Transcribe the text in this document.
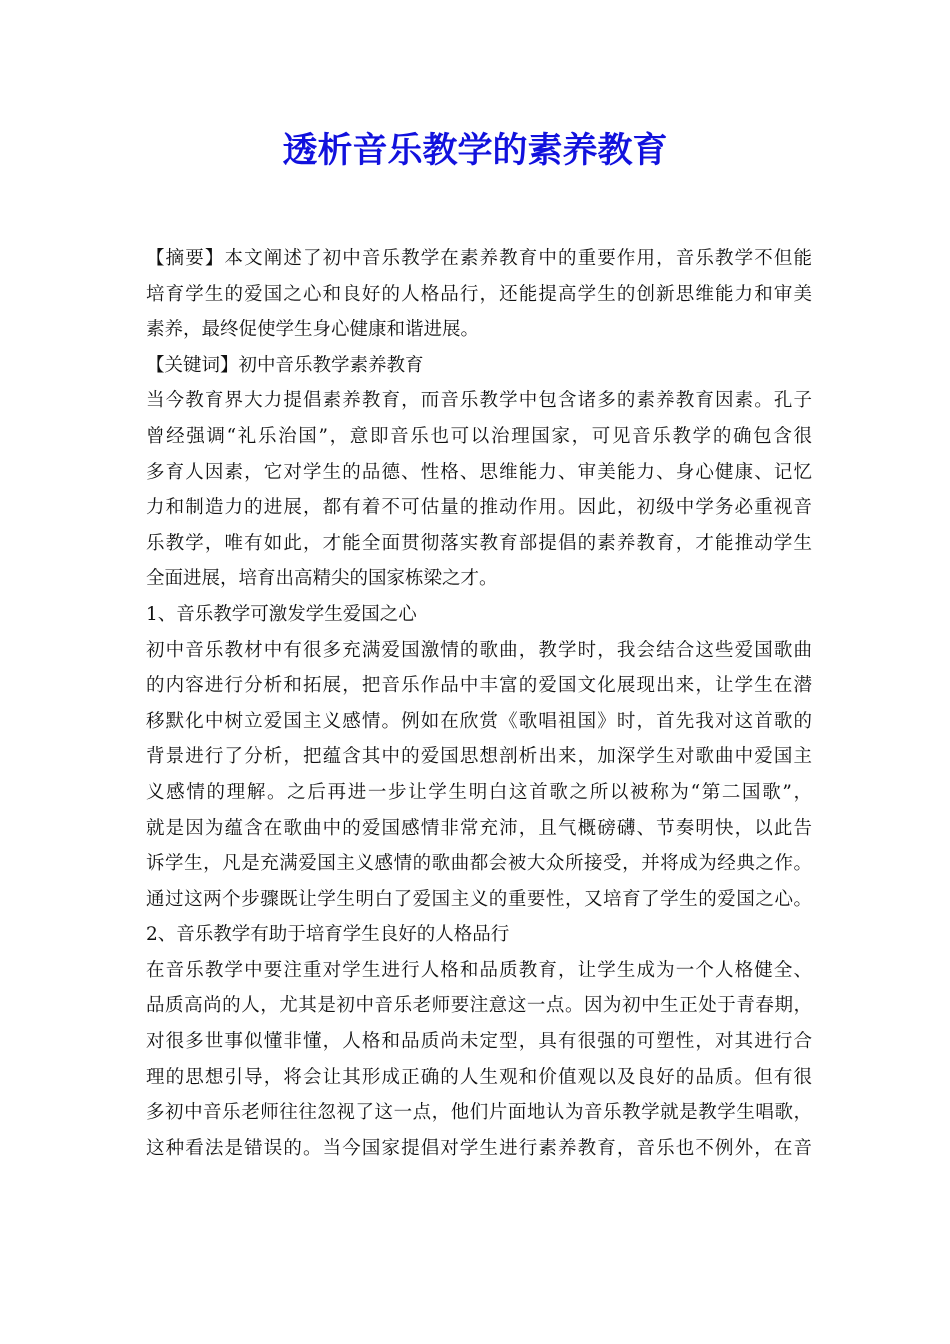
透析音乐教学的素养教育
【摘要】本文阐述了初中音乐教学在素养教育中的重要作用，音乐教学不但能
培育学生的爱国之心和良好的人格品行，还能提高学生的创新思维能力和审美
素养，最终促使学生身心健康和谐进展。
【关键词】初中音乐教学素养教育
当今教育界大力提倡素养教育，而音乐教学中包含诸多的素养教育因素。孔子
曾经强调“礼乐治国”，意即音乐也可以治理国家，可见音乐教学的确包含很
多育人因素，它对学生的品德、性格、思维能力、审美能力、身心健康、记忆
力和制造力的进展，都有着不可估量的推动作用。因此，初级中学务必重视音
乐教学，唯有如此，才能全面贯彻落实教育部提倡的素养教育，才能推动学生
全面进展，培育出高精尖的国家栋梁之才。
1、音乐教学可激发学生爱国之心
初中音乐教材中有很多充满爱国激情的歌曲，教学时，我会结合这些爱国歌曲
的内容进行分析和拓展，把音乐作品中丰富的爱国文化展现出来，让学生在潜
移默化中树立爱国主义感情。例如在欣赏《歌唱祖国》时，首先我对这首歌的
背景进行了分析，把蕴含其中的爱国思想剖析出来，加深学生对歌曲中爱国主
义感情的理解。之后再进一步让学生明白这首歌之所以被称为“第二国歌”，
就是因为蕴含在歌曲中的爱国感情非常充沛，且气概磅礴、节奏明快，以此告
诉学生，凡是充满爱国主义感情的歌曲都会被大众所接受，并将成为经典之作。
通过这两个步骤既让学生明白了爱国主义的重要性，又培育了学生的爱国之心。
2、音乐教学有助于培育学生良好的人格品行
在音乐教学中要注重对学生进行人格和品质教育，让学生成为一个人格健全、
品质高尚的人，尤其是初中音乐老师要注意这一点。因为初中生正处于青春期，
对很多世事似懂非懂，人格和品质尚未定型，具有很强的可塑性，对其进行合
理的思想引导，将会让其形成正确的人生观和价值观以及良好的品质。但有很
多初中音乐老师往往忽视了这一点，他们片面地认为音乐教学就是教学生唱歌，
这种看法是错误的。当今国家提倡对学生进行素养教育，音乐也不例外，在音
